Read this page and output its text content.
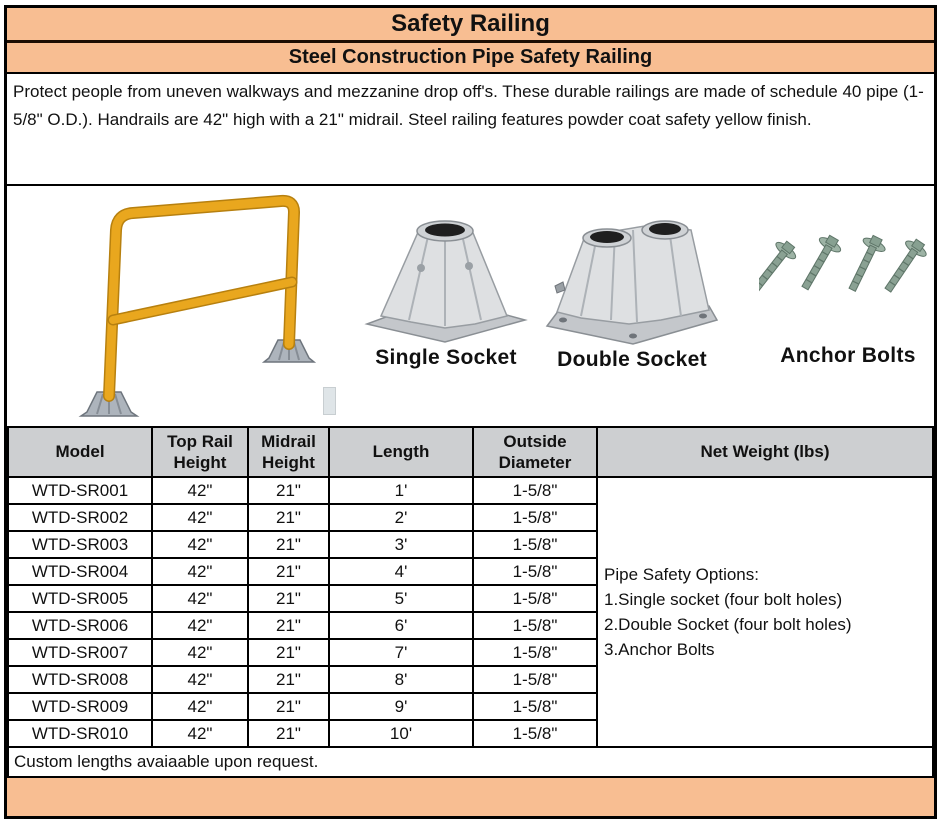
Safety Railing
Steel Construction Pipe Safety Railing
Protect people from uneven walkways and mezzanine drop off's. These durable railings are made of schedule 40 pipe (1-5/8" O.D.). Handrails are 42" high with a 21" midrail. Steel railing features powder coat safety yellow finish.
Single Socket	Double Socket	Anchor Bolts
Model	Top Rail Height	Midrail Height	Length	Outside Diameter	Net Weight (lbs)
WTD-SR001	42"	21"	1'	1-5/8"	Pipe Safety Options:
1.Single socket (four bolt holes)
2.Double Socket (four bolt holes)
3.Anchor Bolts

WTD-SR002	42"	21"	2'	1-5/8"	
WTD-SR003	42"	21"	3'	1-5/8"	
WTD-SR004	42"	21"	4'	1-5/8"	
WTD-SR005	42"	21"	5'	1-5/8"	
WTD-SR006	42"	21"	6'	1-5/8"	
WTD-SR007	42"	21"	7'	1-5/8"	
WTD-SR008	42"	21"	8'	1-5/8"	
WTD-SR009	42"	21"	9'	1-5/8"	
WTD-SR010	42"	21"	10'	1-5/8"	
Custom lengths avaiaable upon request.					
